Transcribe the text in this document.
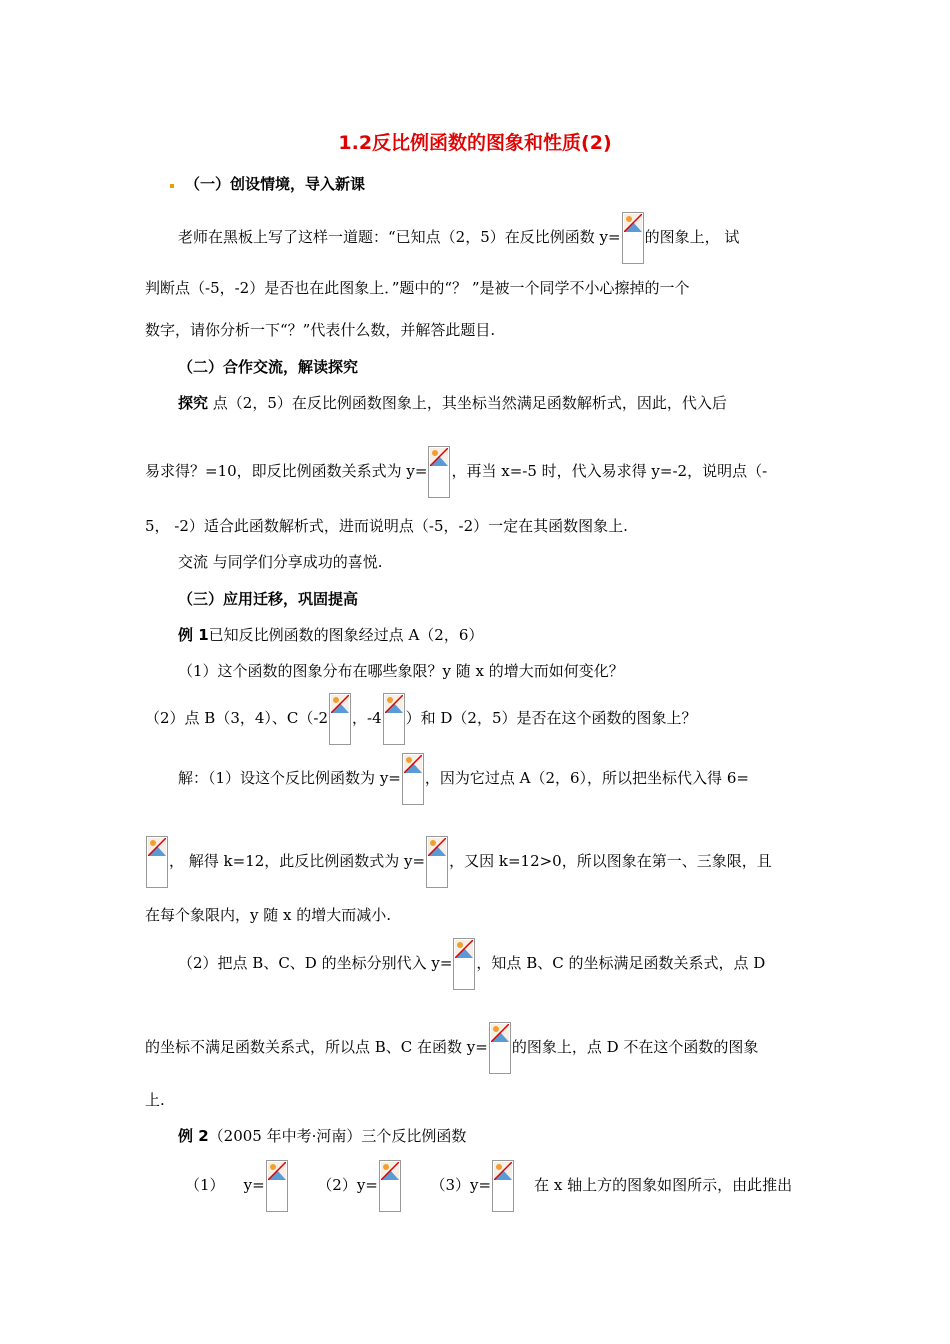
1.2反比例函数的图象和性质(2)
（一）创设情境，导入新课
老师在黑板上写了这样一道题：“已知点（2，5）在反比例函数 y= 的图象上， 试
判断点（-5，-2）是否也在此图象上．”题中的“？ ”是被一个同学不小心擦掉的一个
数字，请你分析一下“？”代表什么数，并解答此题目.
（二）合作交流，解读探究
探究 点（2，5）在反比例函数图象上，其坐标当然满足函数解析式，因此，代入后
易求得？=10，即反比例函数关系式为 y= ，再当 x=-5 时，代入易求得 y=-2，说明点（-
5， -2）适合此函数解析式，进而说明点（-5，-2）一定在其函数图象上.
交流 与同学们分享成功的喜悦.
（三）应用迁移，巩固提高
例 1已知反比例函数的图象经过点 A（2，6）
（1）这个函数的图象分布在哪些象限？y 随 x 的增大而如何变化？
（2）点 B（3，4）、C（-2 ，-4 ）和 D（2，5）是否在这个函数的图象上？
解：（1）设这个反比例函数为 y= ，因为它过点 A（2，6），所以把坐标代入得 6=
， 解得 k=12，此反比例函数式为 y= ，又因 k=12>0，所以图象在第一、三象限，且
在每个象限内，y 随 x 的增大而减小.
（2）把点 B、C、D 的坐标分别代入 y= ，知点 B、C 的坐标满足函数关系式，点 D
的坐标不满足函数关系式，所以点 B、C 在函数 y= 的图象上，点 D 不在这个函数的图象
上.
例 2（2005 年中考·河南）三个反比例函数
（1） y=	（2）y=	（3）y=	在 x 轴上方的图象如图所示，由此推出
